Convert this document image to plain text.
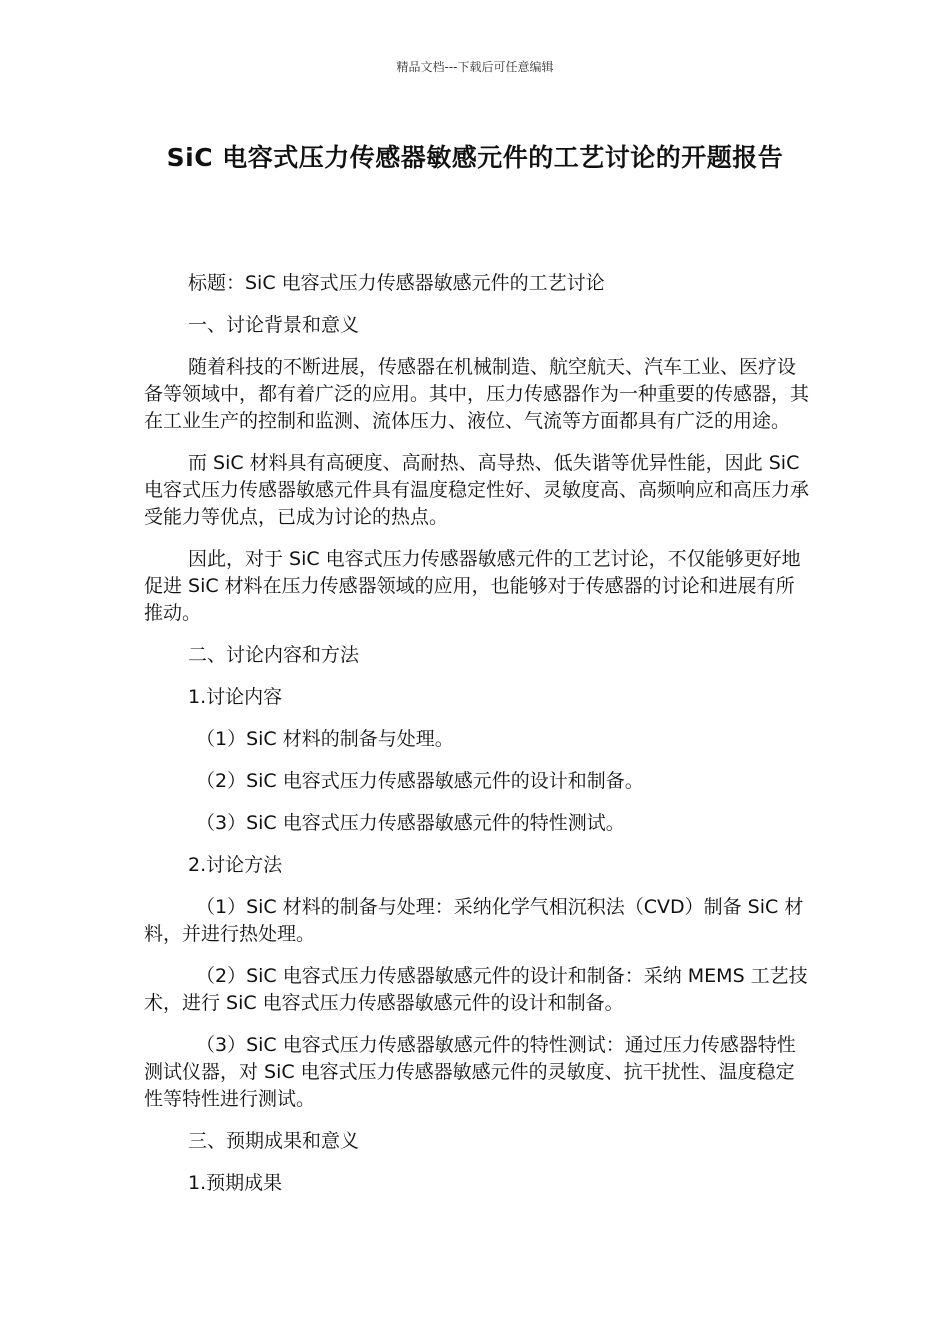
精品文档---下载后可任意编辑
SiC 电容式压力传感器敏感元件的工艺讨论的开题报告

标题：SiC 电容式压力传感器敏感元件的工艺讨论

一、讨论背景和意义

随着科技的不断进展，传感器在机械制造、航空航天、汽车工业、医疗设备等领域中，都有着广泛的应用。其中，压力传感器作为一种重要的传感器，其在工业生产的控制和监测、流体压力、液位、气流等方面都具有广泛的用途。

而 SiC 材料具有高硬度、高耐热、高导热、低失谐等优异性能，因此 SiC 电容式压力传感器敏感元件具有温度稳定性好、灵敏度高、高频响应和高压力承受能力等优点，已成为讨论的热点。

因此，对于 SiC 电容式压力传感器敏感元件的工艺讨论，不仅能够更好地促进 SiC 材料在压力传感器领域的应用，也能够对于传感器的讨论和进展有所推动。

二、讨论内容和方法

1.讨论内容

（1）SiC 材料的制备与处理。

（2）SiC 电容式压力传感器敏感元件的设计和制备。

（3）SiC 电容式压力传感器敏感元件的特性测试。

2.讨论方法

（1）SiC 材料的制备与处理：采纳化学气相沉积法（CVD）制备 SiC 材料，并进行热处理。

（2）SiC 电容式压力传感器敏感元件的设计和制备：采纳 MEMS 工艺技术，进行 SiC 电容式压力传感器敏感元件的设计和制备。

（3）SiC 电容式压力传感器敏感元件的特性测试：通过压力传感器特性测试仪器，对 SiC 电容式压力传感器敏感元件的灵敏度、抗干扰性、温度稳定性等特性进行测试。

三、预期成果和意义

1.预期成果
